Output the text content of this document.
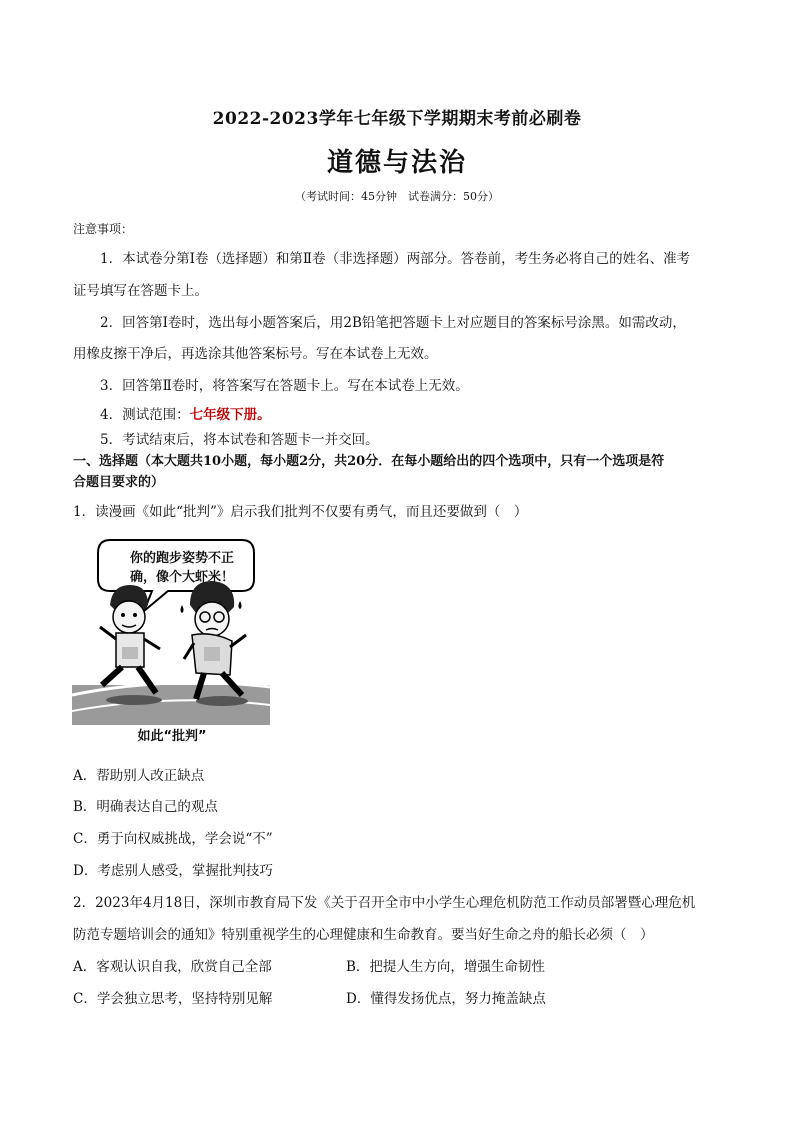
2022-2023学年七年级下学期期末考前必刷卷
道德与法治
（考试时间：45分钟　试卷满分：50分）
注意事项：
1．本试卷分第Ⅰ卷（选择题）和第Ⅱ卷（非选择题）两部分。答卷前，考生务必将自己的姓名、准考
证号填写在答题卡上。
2．回答第Ⅰ卷时，选出每小题答案后，用2B铅笔把答题卡上对应题目的答案标号涂黑。如需改动，
用橡皮擦干净后，再选涂其他答案标号。写在本试卷上无效。
3．回答第Ⅱ卷时，将答案写在答题卡上。写在本试卷上无效。
4．测试范围：七年级下册。
5．考试结束后，将本试卷和答题卡一并交回。
一、选择题（本大题共10小题，每小题2分，共20分．在每小题给出的四个选项中，只有一个选项是符
合题目要求的）
1．读漫画《如此“批判”》启示我们批判不仅要有勇气，而且还要做到（　）
你的跑步姿势不正
确，像个大虾米！
如此“批判”
A．帮助别人改正缺点
B．明确表达自己的观点
C．勇于向权威挑战，学会说“不”
D．考虑别人感受，掌握批判技巧
2．2023年4月18日，深圳市教育局下发《关于召开全市中小学生心理危机防范工作动员部署暨心理危机
防范专题培训会的通知》特别重视学生的心理健康和生命教育。要当好生命之舟的船长必须（　）
A．客观认识自我，欣赏自己全部	B．把提人生方向，增强生命韧性
C．学会独立思考，坚持特别见解	D．懂得发扬优点，努力掩盖缺点
